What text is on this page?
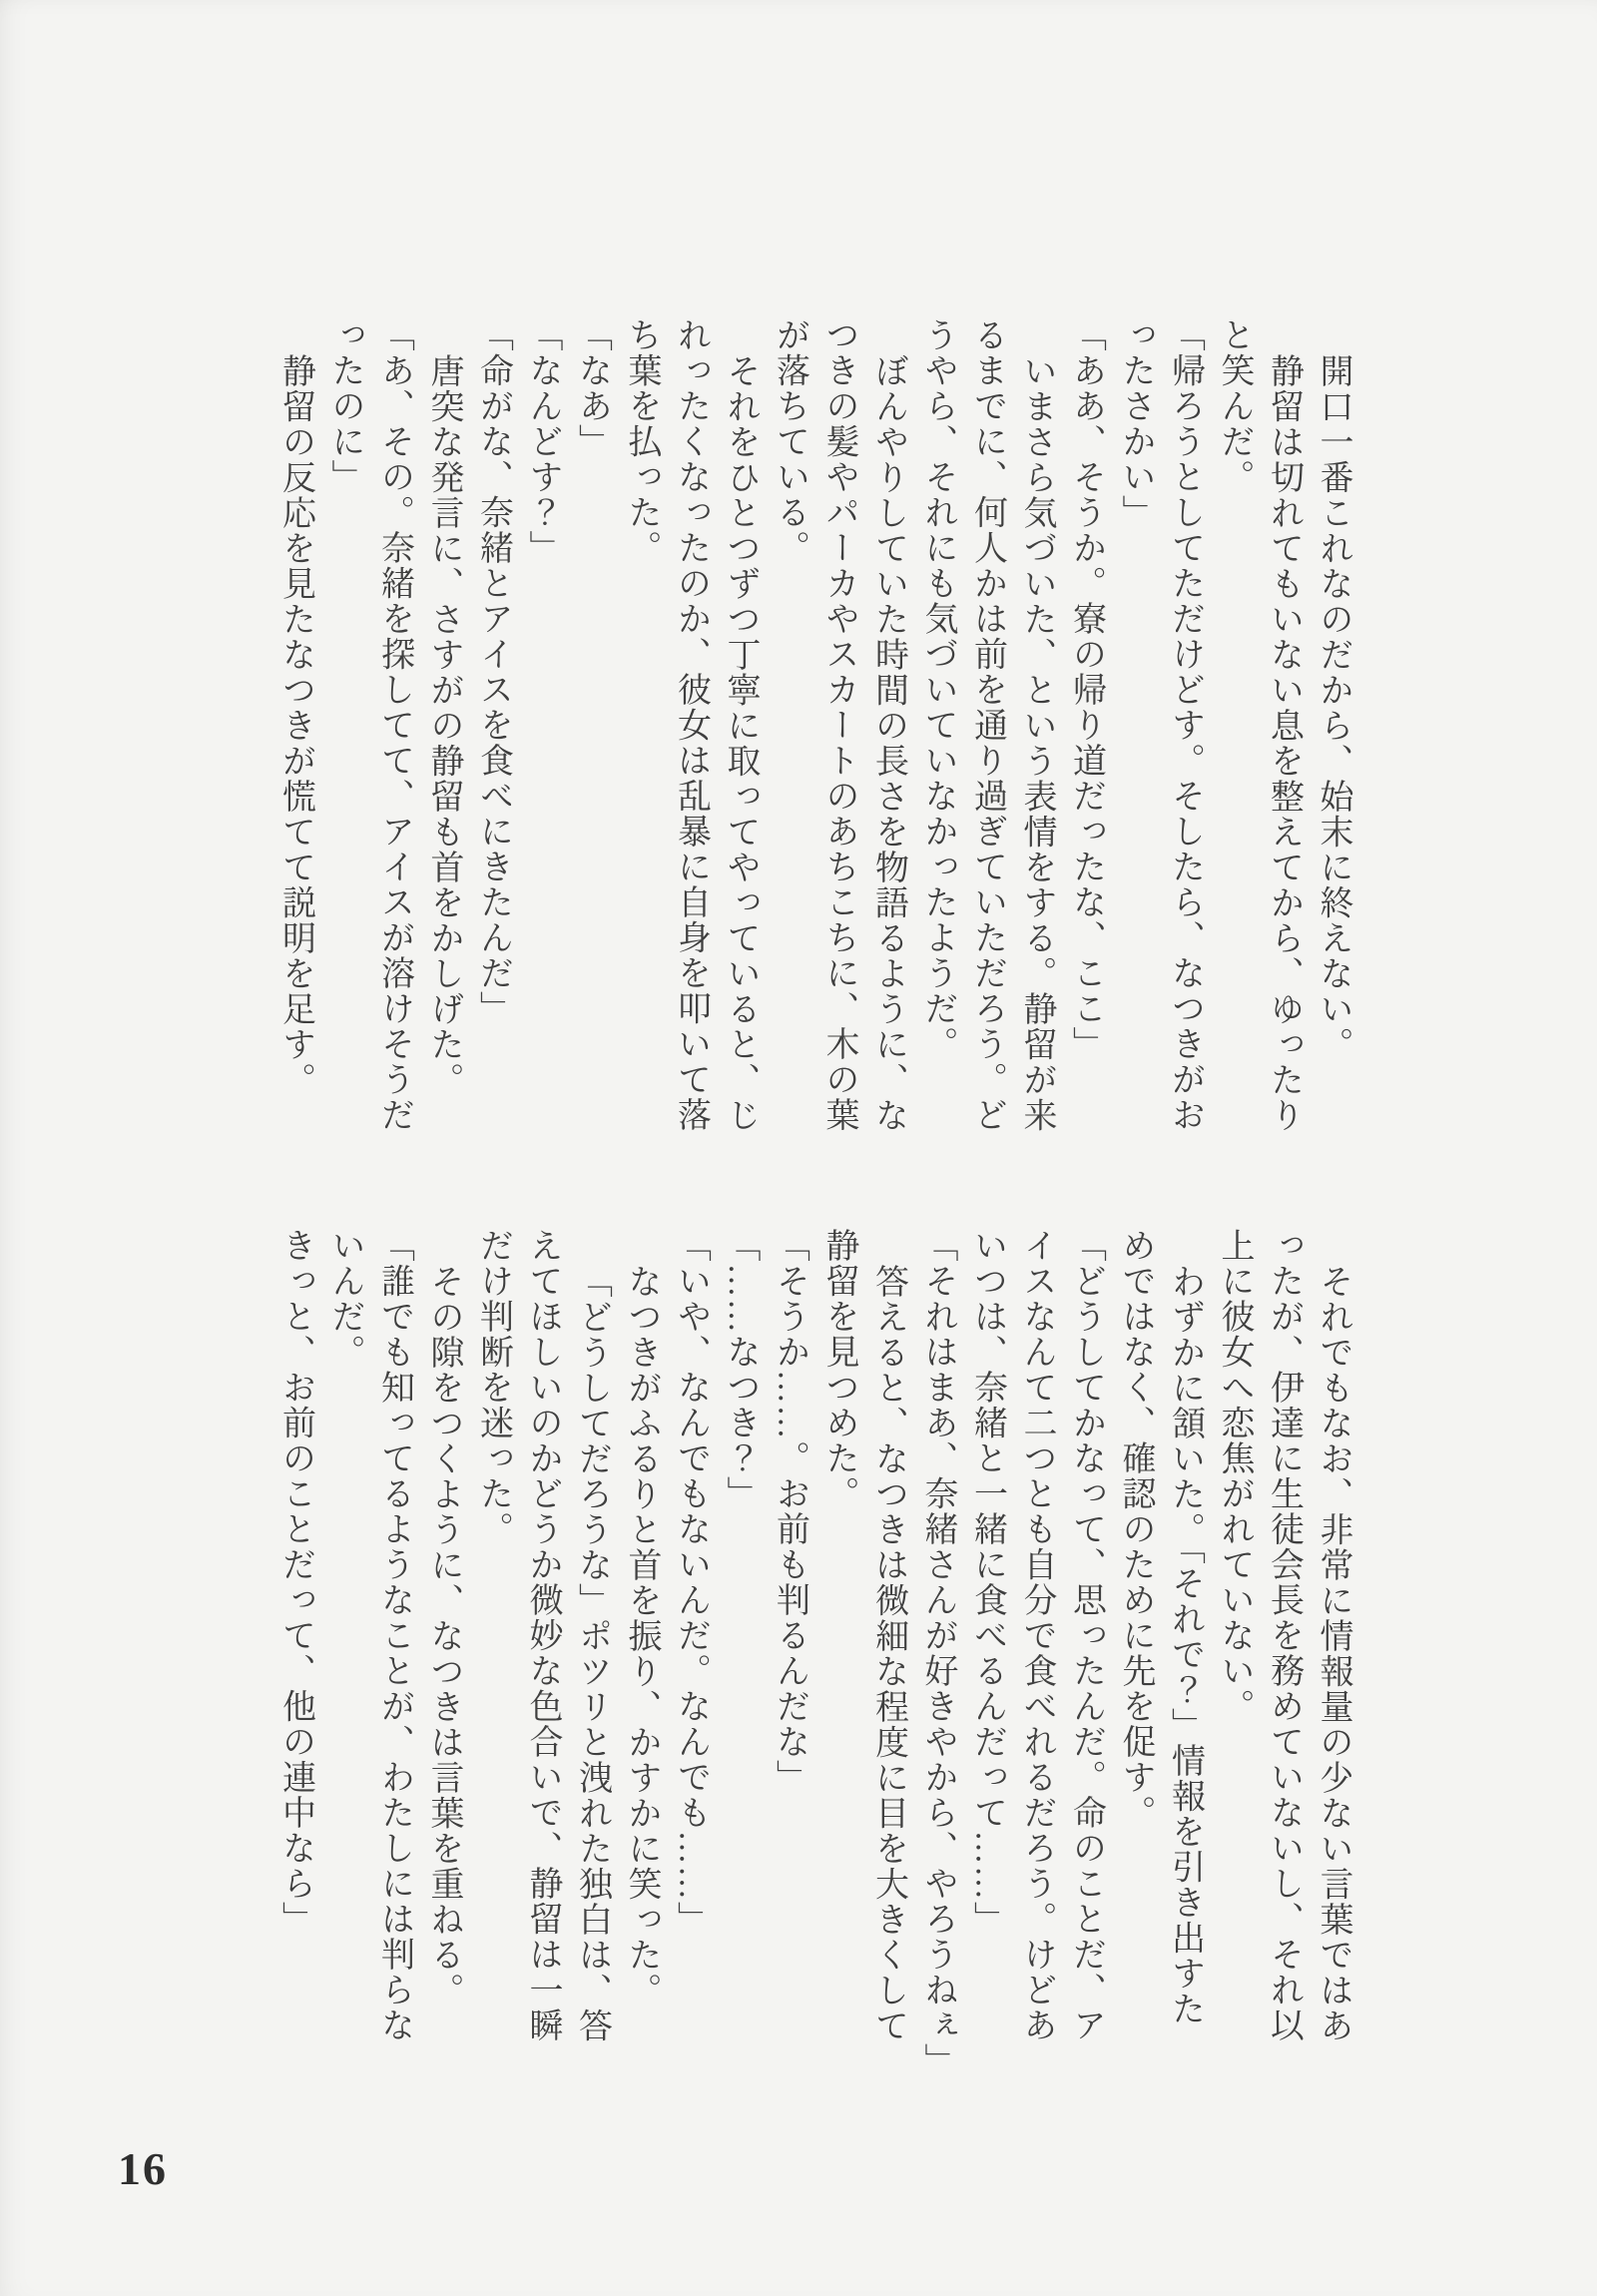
開口一番これなのだから、始末に終えない。

静留は切れてもいない息を整えてから、ゆったり

と笑んだ。

「帰ろうとしてただけどす。そしたら、なつきがお

ったさかい」

「ああ、そうか。寮の帰り道だったな、ここ」

いまさら気づいた、という表情をする。静留が来

るまでに、何人かは前を通り過ぎていただろう。ど

うやら、それにも気づいていなかったようだ。

ぼんやりしていた時間の長さを物語るように、な

つきの髪やパーカやスカートのあちこちに、木の葉

が落ちている。

それをひとつずつ丁寧に取ってやっていると、じ

れったくなったのか、彼女は乱暴に自身を叩いて落

ち葉を払った。

「なあ」

「なんどす？」

「命がな、奈緒とアイスを食べにきたんだ」

唐突な発言に、さすがの静留も首をかしげた。

「あ、その。奈緒を探してて、アイスが溶けそうだ

ったのに」

静留の反応を見たなつきが慌てて説明を足す。

それでもなお、非常に情報量の少ない言葉ではあ

ったが、伊達に生徒会長を務めていないし、それ以

上に彼女へ恋焦がれていない。

わずかに頷いた。「それで？」情報を引き出すた

めではなく、確認のために先を促す。

「どうしてかなって、思ったんだ。命のことだ、ア

イスなんて二つとも自分で食べれるだろう。けどあ

いつは、奈緒と一緒に食べるんだって……」

「それはまあ、奈緒さんが好きやから、やろうねぇ」

答えると、なつきは微細な程度に目を大きくして

静留を見つめた。

「そうか……。お前も判るんだな」

「……なつき？」

「いや、なんでもないんだ。なんでも……」

なつきがふるりと首を振り、かすかに笑った。

「どうしてだろうな」ポツリと洩れた独白は、答

えてほしいのかどうか微妙な色合いで、静留は一瞬

だけ判断を迷った。

その隙をつくように、なつきは言葉を重ねる。

「誰でも知ってるようなことが、わたしには判らな

いんだ。

きっと、お前のことだって、他の連中なら」

16
